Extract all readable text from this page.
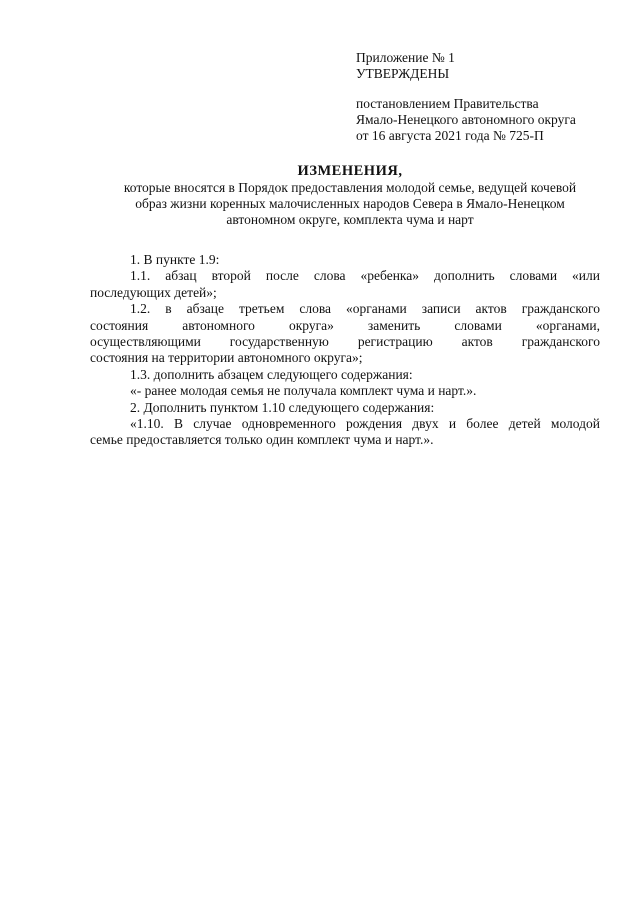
Приложение № 1
УТВЕРЖДЕНЫ
постановлением Правительства
Ямало-Ненецкого автономного округа
от 16 августа 2021 года № 725-П
ИЗМЕНЕНИЯ,
которые вносятся в Порядок предоставления молодой семье, ведущей кочевой
образ жизни коренных малочисленных народов Севера в Ямало-Ненецком
автономном округе, комплекта чума и нарт
1. В пункте 1.9:
1.1. абзац второй после слова «ребенка» дополнить словами «или
последующих детей»;
1.2. в абзаце третьем слова «органами записи актов гражданского
состояния автономного округа» заменить словами «органами,
осуществляющими государственную регистрацию актов гражданского
состояния на территории автономного округа»;
1.3. дополнить абзацем следующего содержания:
«- ранее молодая семья не получала комплект чума и нарт.».
2. Дополнить пунктом 1.10 следующего содержания:
«1.10. В случае одновременного рождения двух и более детей молодой
семье предоставляется только один комплект чума и нарт.».
